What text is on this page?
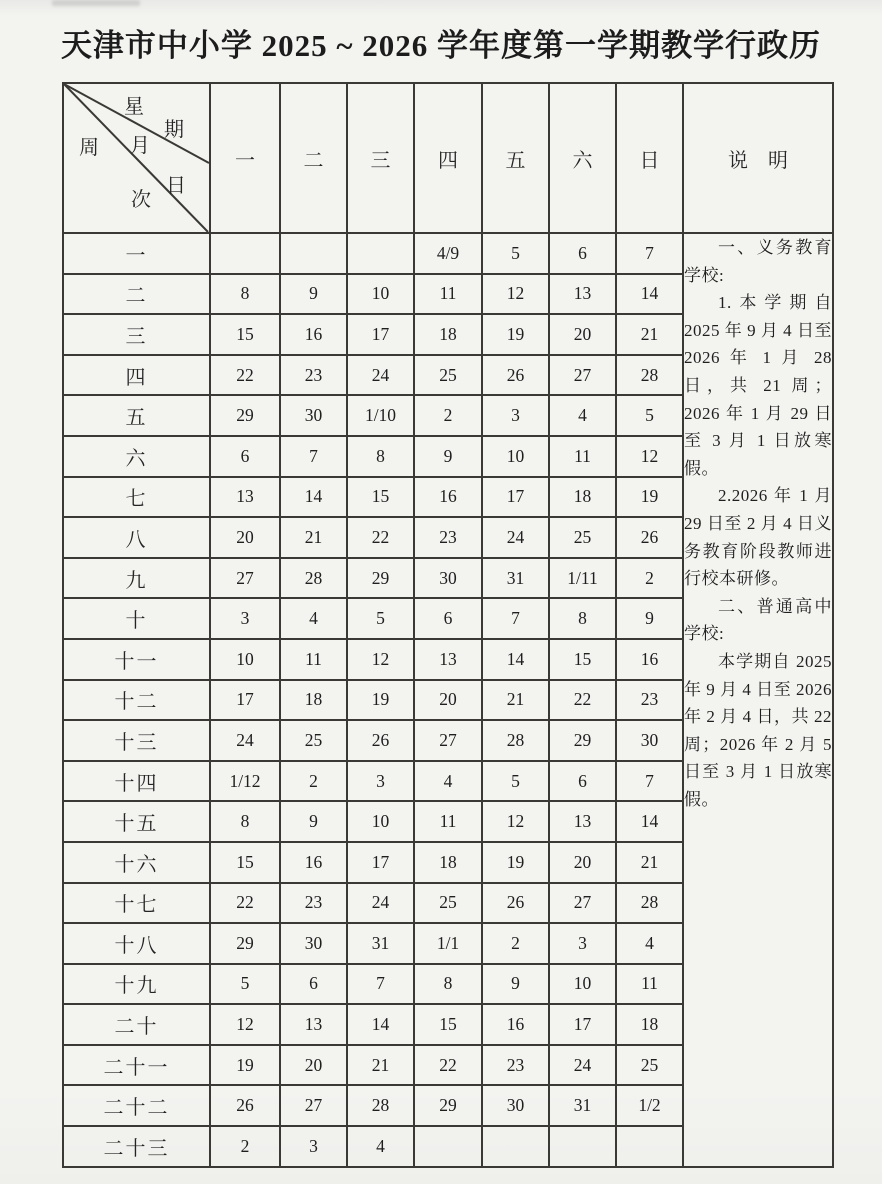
天津市中小学 2025 ~ 2026 学年度第一学期教学行政历
星
期
周 月
日
次
	一	二	三	四	五	六	日	说　明
一				4/9	5	6	7	一、义务教育学校:

1.本学期自 2025 年 9 月 4 日至 2026 年 1 月 28 日，共 21 周；2026 年 1 月 29 日至 3 月 1 日放寒假。

2.2026 年 1 月 29 日至 2 月 4 日义务教育阶段教师进行校本研修。

二、普通高中学校:

本学期自 2025 年 9 月 4 日至 2026 年 2 月 4 日，共 22 周；2026 年 2 月 5 日至 3 月 1 日放寒假。

二	8	9	10	11	12	13	14	
三	15	16	17	18	19	20	21	
四	22	23	24	25	26	27	28	
五	29	30	1/10	2	3	4	5	
六	6	7	8	9	10	11	12	
七	13	14	15	16	17	18	19	
八	20	21	22	23	24	25	26	
九	27	28	29	30	31	1/11	2	
十	3	4	5	6	7	8	9	
十一	10	11	12	13	14	15	16	
十二	17	18	19	20	21	22	23	
十三	24	25	26	27	28	29	30	
十四	1/12	2	3	4	5	6	7	
十五	8	9	10	11	12	13	14	
十六	15	16	17	18	19	20	21	
十七	22	23	24	25	26	27	28	
十八	29	30	31	1/1	2	3	4	
十九	5	6	7	8	9	10	11	
二十	12	13	14	15	16	17	18	
二十一	19	20	21	22	23	24	25	
二十二	26	27	28	29	30	31	1/2	
二十三	2	3	4					
